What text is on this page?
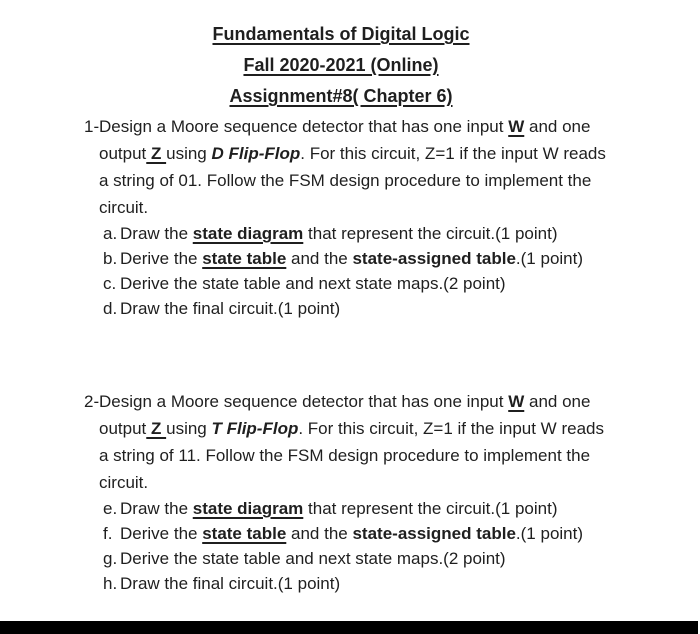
Fundamentals of Digital Logic
Fall 2020-2021 (Online)
Assignment#8( Chapter 6)
1- Design a Moore sequence detector that has one input W and one
output Z using D Flip-Flop. For this circuit, Z=1 if the input W reads
a string of 01. Follow the FSM design procedure to implement the
circuit.
a. Draw the state diagram that represent the circuit.(1 point)
b. Derive the state table and the state-assigned table.(1 point)
c. Derive the state table and next state maps.(2 point)
d. Draw the final circuit.(1 point)
2- Design a Moore sequence detector that has one input W and one
output Z using T Flip-Flop. For this circuit, Z=1 if the input W reads
a string of 11. Follow the FSM design procedure to implement the
circuit.
e. Draw the state diagram that represent the circuit.(1 point)
f. Derive the state table and the state-assigned table.(1 point)
g. Derive the state table and next state maps.(2 point)
h. Draw the final circuit.(1 point)
